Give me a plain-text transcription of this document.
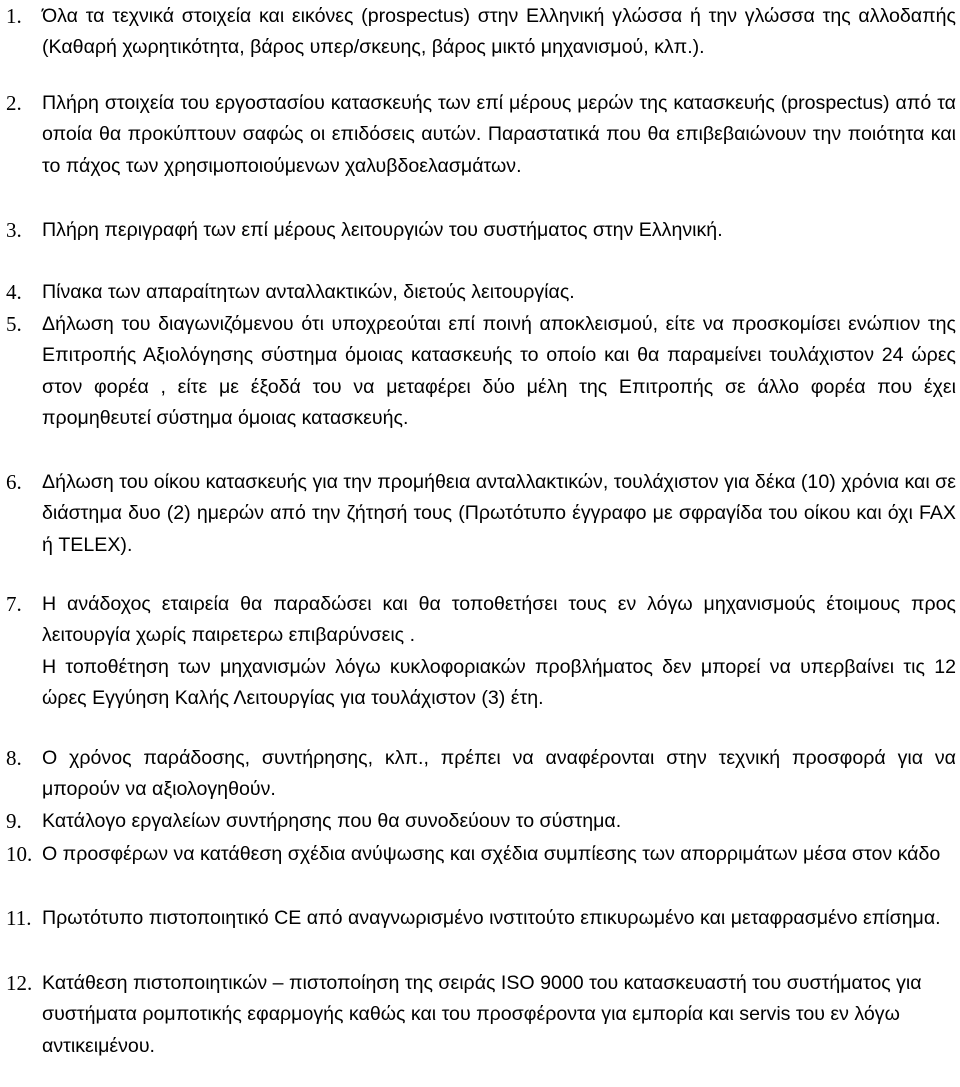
1. Όλα τα τεχνικά στοιχεία και εικόνες (prospectus) στην Ελληνική γλώσσα ή την γλώσσα της αλλοδαπής (Καθαρή χωρητικότητα, βάρος υπερ/σκευης, βάρος μικτό μηχανισμού, κλπ.).
2. Πλήρη στοιχεία του εργοστασίου κατασκευής των επί μέρους μερών της κατασκευής (prospectus) από τα οποία θα προκύπτουν σαφώς οι επιδόσεις αυτών. Παραστατικά που θα επιβεβαιώνουν την ποιότητα και το πάχος των χρησιμοποιούμενων χαλυβδοελασμάτων.
3. Πλήρη περιγραφή των επί μέρους λειτουργιών του συστήματος στην Ελληνική.
4. Πίνακα των απαραίτητων ανταλλακτικών, διετούς λειτουργίας.
5. Δήλωση του διαγωνιζόμενου ότι υποχρεούται επί ποινή αποκλεισμού, είτε να προσκομίσει ενώπιον της Επιτροπής Αξιολόγησης σύστημα όμοιας κατασκευής το οποίο και θα παραμείνει τουλάχιστον 24 ώρες στον φορέα , είτε με έξοδά του να μεταφέρει δύο μέλη της Επιτροπής σε άλλο φορέα που έχει προμηθευτεί σύστημα όμοιας κατασκευής.
6. Δήλωση του οίκου κατασκευής για την προμήθεια ανταλλακτικών, τουλάχιστον για δέκα (10) χρόνια και σε διάστημα δυο (2) ημερών από την ζήτησή τους (Πρωτότυπο έγγραφο με σφραγίδα του οίκου και όχι FAX ή TELEX).
7. Η ανάδοχος εταιρεία θα παραδώσει και θα τοποθετήσει τους εν λόγω μηχανισμούς έτοιμους προς λειτουργία χωρίς παιρετερω επιβαρύνσεις .
Η τοποθέτηση των μηχανισμών λόγω κυκλοφοριακών προβλήματος δεν μπορεί να υπερβαίνει τις 12 ώρες Εγγύηση Καλής Λειτουργίας για τουλάχιστον (3) έτη.
8. Ο χρόνος παράδοσης, συντήρησης, κλπ., πρέπει να αναφέρονται στην τεχνική προσφορά για να μπορούν να αξιολογηθούν.
9. Κατάλογο εργαλείων συντήρησης που θα συνοδεύουν το σύστημα.
10. Ο προσφέρων να κατάθεση σχέδια ανύψωσης και σχέδια συμπίεσης των απορριμάτων μέσα στον κάδο
11. Πρωτότυπο πιστοποιητικό CE από αναγνωρισμένο ινστιτούτο επικυρωμένο και μεταφρασμένο επίσημα.
12. Κατάθεση πιστοποιητικών – πιστοποίηση της σειράς ISO 9000 του κατασκευαστή του συστήματος για συστήματα ρομποτικής εφαρμογής καθώς και του προσφέροντα για εμπορία και servis του εν λόγω αντικειμένου.
